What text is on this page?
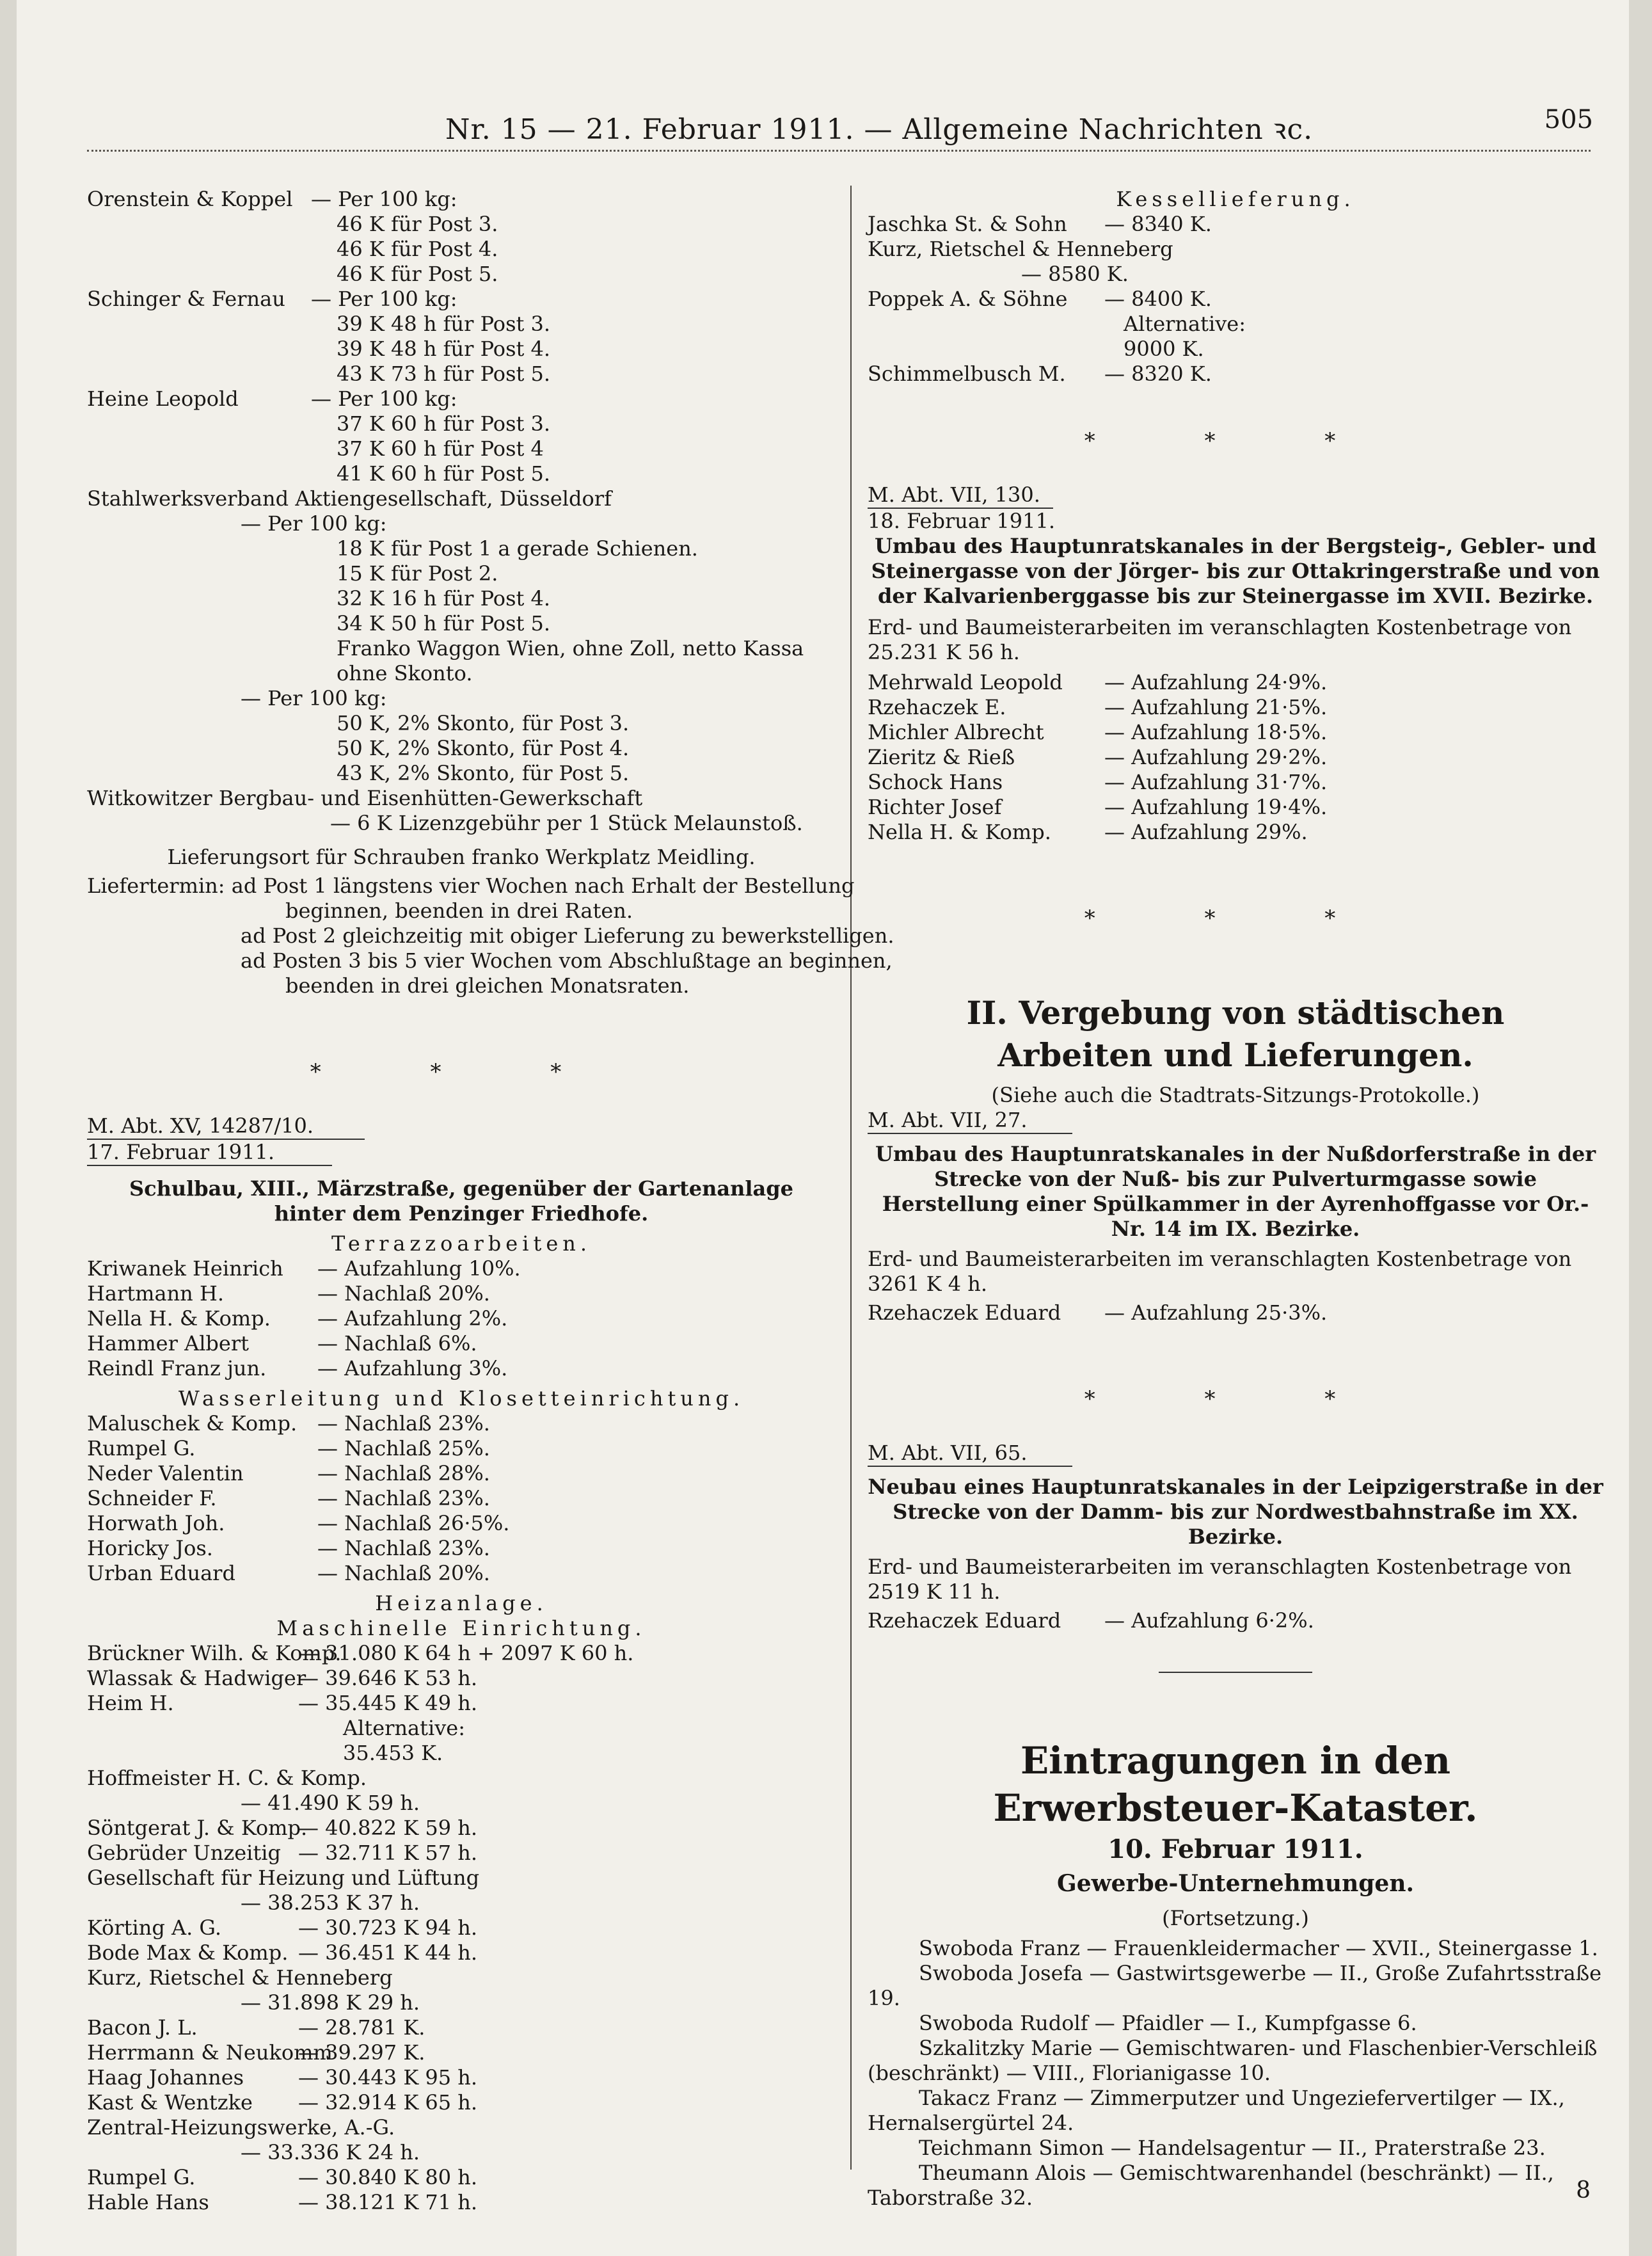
Nr. 15 — 21. Februar 1911. — Allgemeine Nachrichten ꝛc.	505
Orenstein & Koppel — Per 100 kg:
46 K für Post 3.
46 K für Post 4.
46 K für Post 5.
Schinger & Fernau — Per 100 kg:
39 K 48 h für Post 3.
39 K 48 h für Post 4.
43 K 73 h für Post 5.
Heine Leopold	— Per 100 kg:
37 K 60 h für Post 3.
37 K 60 h für Post 4
41 K 60 h für Post 5.
Stahlwerksverband Aktiengesellschaft, Düsseldorf
— Per 100 kg:
18 K für Post 1 a gerade Schienen.
15 K für Post 2.
32 K 16 h für Post 4.
34 K 50 h für Post 5.
Franko Waggon Wien, ohne Zoll, netto Kassa
ohne Skonto.
— Per 100 kg:
50 K, 2% Skonto, für Post 3.
50 K, 2% Skonto, für Post 4.
43 K, 2% Skonto, für Post 5.
Witkowitzer Bergbau- und Eisenhütten-Gewerkschaft
— 6 K Lizenzgebühr per 1 Stück Melaunstoß.
Lieferungsort für Schrauben franko Werkplatz Meidling.
Liefertermin: ad Post 1 längstens vier Wochen nach Erhalt der Bestellung
beginnen, beenden in drei Raten.
ad Post 2 gleichzeitig mit obiger Lieferung zu bewerkstelligen.
ad Posten 3 bis 5 vier Wochen vom Abschlußtage an beginnen,
beenden in drei gleichen Monatsraten.
* * *
M. Abt. XV, 14287/10.
17. Februar 1911.
Schulbau, XIII., Märzstraße, gegenüber der Gartenanlage hinter dem Penzinger Friedhofe.
Terrazzoarbeiten.
Kriwanek Heinrich — Aufzahlung 10%.
Hartmann H.	— Nachlaß 20%.
Nella H. & Komp. — Aufzahlung 2%.
Hammer Albert	— Nachlaß 6%.
Reindl Franz jun. — Aufzahlung 3%.
Wasserleitung und Klosetteinrichtung.
Maluschek & Komp. — Nachlaß 23%.
Rumpel G.	— Nachlaß 25%.
Neder Valentin	— Nachlaß 28%.
Schneider F.	— Nachlaß 23%.
Horwath Joh.	— Nachlaß 26·5%.
Horicky Jos.	— Nachlaß 23%.
Urban Eduard	— Nachlaß 20%.
Heizanlage.
Maschinelle Einrichtung.
Brückner Wilh. & Komp.— 31.080 K 64 h + 2097 K 60 h.
Wlassak & Hadwiger— 39.646 K 53 h.
Heim H.	— 35.445 K 49 h.
Alternative:
35.453 K.
Hoffmeister H. C. & Komp.
— 41.490 K 59 h.
Söntgerat J. & Komp.— 40.822 K 59 h.
Gebrüder Unzeitig — 32.711 K 57 h.
Gesellschaft für Heizung und Lüftung
— 38.253 K 37 h.
Körting A. G.	— 30.723 K 94 h.
Bode Max & Komp. — 36.451 K 44 h.
Kurz, Rietschel & Henneberg
— 31.898 K 29 h.
Bacon J. L.	— 28.781 K.
Herrmann & Neukomm— 39.297 K.
Haag Johannes	— 30.443 K 95 h.
Kast & Wentzke — 32.914 K 65 h.
Zentral-Heizungswerke, A.-G.
— 33.336 K 24 h.
Rumpel G.	— 30.840 K 80 h.
Hable Hans	— 38.121 K 71 h.
Kessellieferung.
Jaschka St. & Sohn — 8340 K.
Kurz, Rietschel & Henneberg
— 8580 K.
Poppek A. & Söhne — 8400 K.
Alternative:
9000 K.
Schimmelbusch M. — 8320 K.
* * *
M. Abt. VII, 130.
18. Februar 1911.
Umbau des Hauptunratskanales in der Bergsteig-, Gebler- und Steinergasse von der Jörger- bis zur Ottakringerstraße und von der Kalvarienberggasse bis zur Steinergasse im XVII. Bezirke.
Erd- und Baumeisterarbeiten im veranschlagten Kostenbetrage von 25.231 K 56 h.
Mehrwald Leopold — Aufzahlung 24·9%.
Rzehaczek E.	— Aufzahlung 21·5%.
Michler Albrecht	— Aufzahlung 18·5%.
Zieritz & Rieß	— Aufzahlung 29·2%.
Schock Hans	— Aufzahlung 31·7%.
Richter Josef	— Aufzahlung 19·4%.
Nella H. & Komp.	— Aufzahlung 29%.
* * *
II. Vergebung von städtischen Arbeiten und Lieferungen.
(Siehe auch die Stadtrats-Sitzungs-Protokolle.)
M. Abt. VII, 27.
Umbau des Hauptunratskanales in der Nußdorferstraße in der Strecke von der Nuß- bis zur Pulverturmgasse sowie Herstellung einer Spülkammer in der Ayrenhoffgasse vor Or.-Nr. 14 im IX. Bezirke.
Erd- und Baumeisterarbeiten im veranschlagten Kostenbetrage von 3261 K 4 h.
Rzehaczek Eduard — Aufzahlung 25·3%.
* * *
M. Abt. VII, 65.
Neubau eines Hauptunratskanales in der Leipzigerstraße in der Strecke von der Damm- bis zur Nordwestbahnstraße im XX. Bezirke.
Erd- und Baumeisterarbeiten im veranschlagten Kostenbetrage von 2519 K 11 h.
Rzehaczek Eduard — Aufzahlung 6·2%.
Eintragungen in den Erwerbsteuer-Kataster.
10. Februar 1911.
Gewerbe-Unternehmungen.
(Fortsetzung.)
Swoboda Franz — Frauenkleidermacher — XVII., Steinergasse 1.
Swoboda Josefa — Gastwirtsgewerbe — II., Große Zufahrtsstraße 19.
Swoboda Rudolf — Pfaidler — I., Kumpfgasse 6.
Szkalitzky Marie — Gemischtwaren- und Flaschenbier-Verschleiß (beschränkt) — VIII., Florianigasse 10.
Takacz Franz — Zimmerputzer und Ungeziefervertilger — IX., Hernalsergürtel 24.
Teichmann Simon — Handelsagentur — II., Praterstraße 23.
Theumann Alois — Gemischtwarenhandel (beschränkt) — II., Taborstraße 32.	8
